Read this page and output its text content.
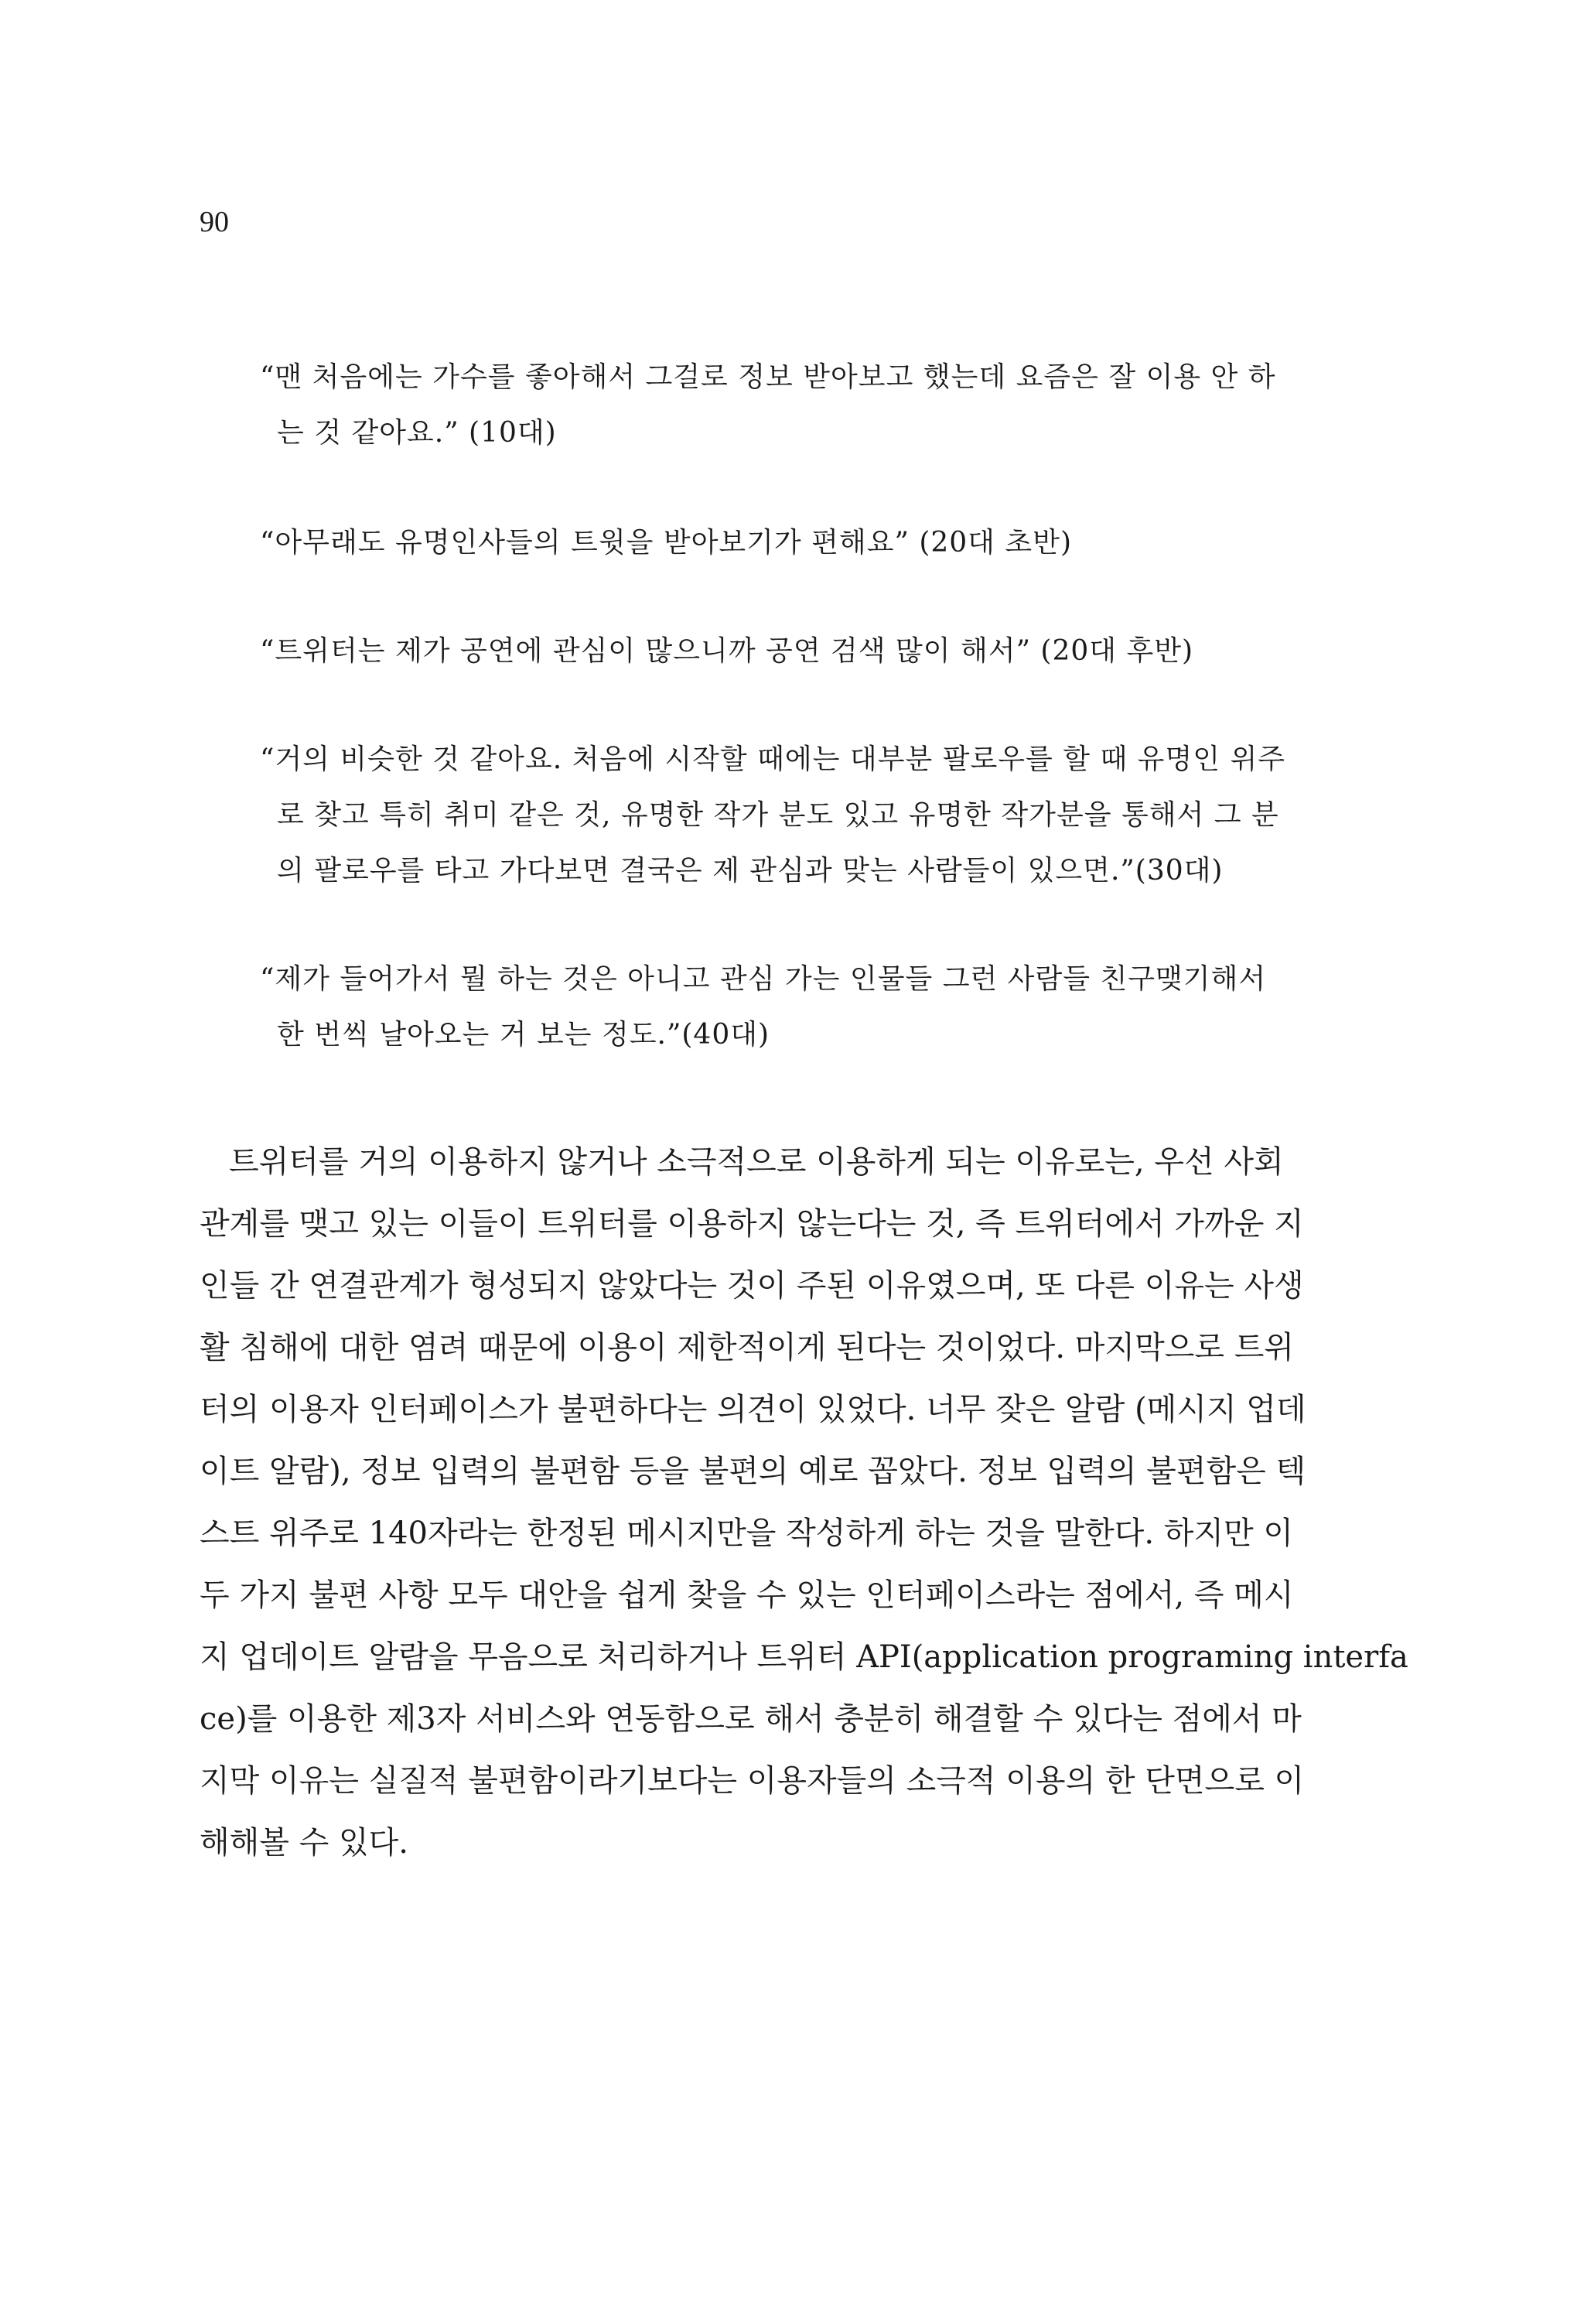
90
“맨 처음에는 가수를 좋아해서 그걸로 정보 받아보고 했는데 요즘은 잘 이용 안 하
는 것 같아요.” (10대)
“아무래도 유명인사들의 트윗을 받아보기가 편해요” (20대 초반)
“트위터는 제가 공연에 관심이 많으니까 공연 검색 많이 해서” (20대 후반)
“거의 비슷한 것 같아요. 처음에 시작할 때에는 대부분 팔로우를 할 때 유명인 위주
로 찾고 특히 취미 같은 것, 유명한 작가 분도 있고 유명한 작가분을 통해서 그 분
의 팔로우를 타고 가다보면 결국은 제 관심과 맞는 사람들이 있으면.”(30대)
“제가 들어가서 뭘 하는 것은 아니고 관심 가는 인물들 그런 사람들 친구맺기해서
한 번씩 날아오는 거 보는 정도.”(40대)
트위터를 거의 이용하지 않거나 소극적으로 이용하게 되는 이유로는, 우선 사회
관계를 맺고 있는 이들이 트위터를 이용하지 않는다는 것, 즉 트위터에서 가까운 지
인들 간 연결관계가 형성되지 않았다는 것이 주된 이유였으며, 또 다른 이유는 사생
활 침해에 대한 염려 때문에 이용이 제한적이게 된다는 것이었다. 마지막으로 트위
터의 이용자 인터페이스가 불편하다는 의견이 있었다. 너무 잦은 알람 (메시지 업데
이트 알람), 정보 입력의 불편함 등을 불편의 예로 꼽았다. 정보 입력의 불편함은 텍
스트 위주로 140자라는 한정된 메시지만을 작성하게 하는 것을 말한다. 하지만 이
두 가지 불편 사항 모두 대안을 쉽게 찾을 수 있는 인터페이스라는 점에서, 즉 메시
지 업데이트 알람을 무음으로 처리하거나 트위터 API(application programing interfa
ce)를 이용한 제3자 서비스와 연동함으로 해서 충분히 해결할 수 있다는 점에서 마
지막 이유는 실질적 불편함이라기보다는 이용자들의 소극적 이용의 한 단면으로 이
해해볼 수 있다.
